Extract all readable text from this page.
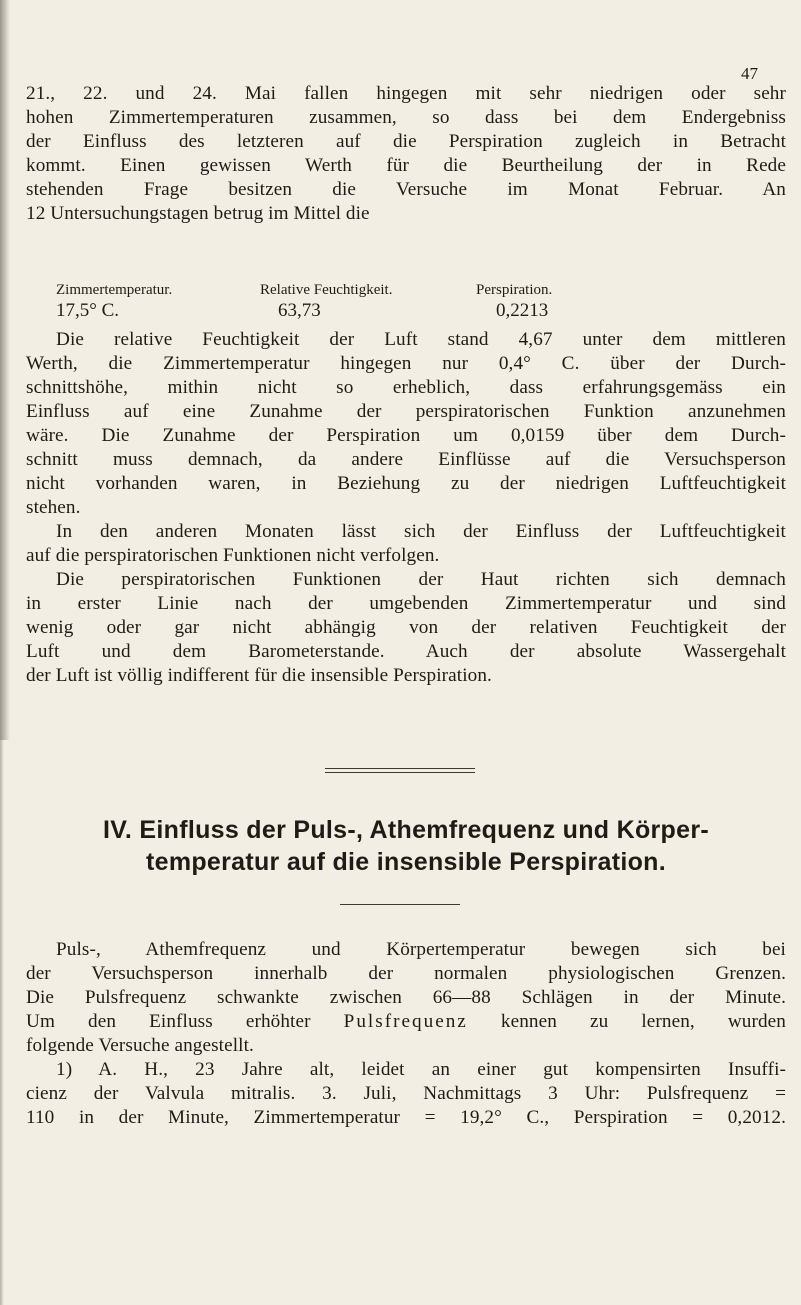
47

21., 22. und 24. Mai fallen hingegen mit sehr niedrigen oder sehr

hohen Zimmertemperaturen zusammen, so dass bei dem Endergebniss

der Einfluss des letzteren auf die Perspiration zugleich in Betracht

kommt. Einen gewissen Werth für die Beurtheilung der in Rede

stehenden Frage besitzen die Versuche im Monat Februar. An

12 Untersuchungstagen betrug im Mittel die

Zimmertemperatur.	Relative Feuchtigkeit.	Perspiration.
17,5° C.	63,73	0,2213

Die relative Feuchtigkeit der Luft stand 4,67 unter dem mittleren

Werth, die Zimmertemperatur hingegen nur 0,4° C. über der Durch-

schnittshöhe, mithin nicht so erheblich, dass erfahrungsgemäss ein

Einfluss auf eine Zunahme der perspiratorischen Funktion anzunehmen

wäre. Die Zunahme der Perspiration um 0,0159 über dem Durch-

schnitt muss demnach, da andere Einflüsse auf die Versuchsperson

nicht vorhanden waren, in Beziehung zu der niedrigen Luftfeuchtigkeit

stehen.

In den anderen Monaten lässt sich der Einfluss der Luftfeuchtigkeit

auf die perspiratorischen Funktionen nicht verfolgen.

Die perspiratorischen Funktionen der Haut richten sich demnach

in erster Linie nach der umgebenden Zimmertemperatur und sind

wenig oder gar nicht abhängig von der relativen Feuchtigkeit der

Luft und dem Barometerstande. Auch der absolute Wassergehalt

der Luft ist völlig indifferent für die insensible Perspiration.

IV. Einfluss der Puls-, Athemfrequenz und Körper-
temperatur auf die insensible Perspiration.

Puls-, Athemfrequenz und Körpertemperatur bewegen sich bei

der Versuchsperson innerhalb der normalen physiologischen Grenzen.

Die Pulsfrequenz schwankte zwischen 66—88 Schlägen in der Minute.

Um den Einfluss erhöhter Pulsfrequenz kennen zu lernen, wurden

folgende Versuche angestellt.

1) A. H., 23 Jahre alt, leidet an einer gut kompensirten Insuffi-

cienz der Valvula mitralis. 3. Juli, Nachmittags 3 Uhr: Pulsfrequenz =

110 in der Minute, Zimmertemperatur = 19,2° C., Perspiration = 0,2012.
